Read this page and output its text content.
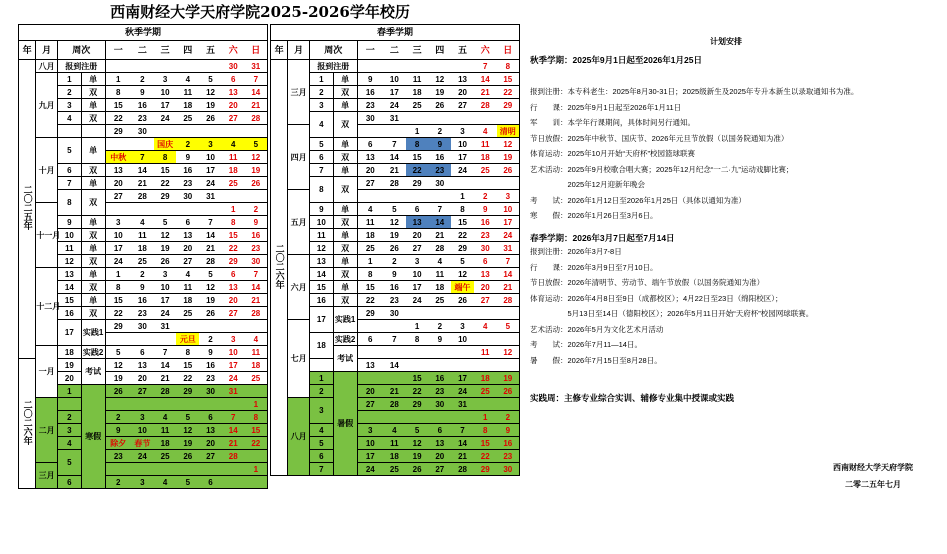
西南财经大学天府学院2025-2026学年校历
秋季学期										
年	月	周次		一	二	三	四	五	六	日
二〇二五年	八月	报到注册							30	31
	九月	1	单	1	2	3	4	5	6	7
		2	双	8	9	10	11	12	13	14
		3	单	15	16	17	18	19	20	21
		4	双	22	23	24	25	26	27	28
				29	30					
	十月	5	单			国庆	2	3	4	5
				中秋	7	8	9	10	11	12
		6	双	13	14	15	16	17	18	19
		7	单	20	21	22	23	24	25	26
		8	双	27	28	29	30	31		
	十一月								1	2
		9	单	3	4	5	6	7	8	9
		10	双	10	11	12	13	14	15	16
		11	单	17	18	19	20	21	22	23
		12	双	24	25	26	27	28	29	30
	十二月	13	单	1	2	3	4	5	6	7
		14	双	8	9	10	11	12	13	14
		15	单	15	16	17	18	19	20	21
		16	双	22	23	24	25	26	27	28
		17	实践1	29	30	31				
							元旦	2	3	4
	一月	18	实践2	5	6	7	8	9	10	11
二〇二六年		19	考试	12	13	14	15	16	17	18
		20		19	20	21	22	23	24	25
		1	寒假	26	27	28	29	30	31	
	二月									1
		2		2	3	4	5	6	7	8
		3		9	10	11	12	13	14	15
		4		除夕	春节	18	19	20	21	22
		5		23	24	25	26	27	28	
	三月									1
		6		2	3	4	5	6		
春季学期										
年	月	周次		一	二	三	四	五	六	日
二〇二六年	三月	报到注册							7	8
		1	单	9	10	11	12	13	14	15
		2	双	16	17	18	19	20	21	22
		3	单	23	24	25	26	27	28	29
		4	双	30	31					
	四月					1	2	3	4	清明
		5	单	6	7	8	9	10	11	12
		6	双	13	14	15	16	17	18	19
		7	单	20	21	22	23	24	25	26
		8	双	27	28	29	30			
	五月							1	2	3
		9	单	4	5	6	7	8	9	10
		10	双	11	12	13	14	15	16	17
		11	单	18	19	20	21	22	23	24
		12	双	25	26	27	28	29	30	31
	六月	13	单	1	2	3	4	5	6	7
		14	双	8	9	10	11	12	13	14
		15	单	15	16	17	18	端午	20	21
		16	双	22	23	24	25	26	27	28
		17	实践1	29	30					
	七月					1	2	3	4	5
		18	实践2	6	7	8	9	10		
			考试						11	12
				13	14					
		1	暑假			15	16	17	18	19
		2		20	21	22	23	24	25	26
	八月	3		27	28	29	30	31		
									1	2
		4		3	4	5	6	7	8	9
		5		10	11	12	13	14	15	16
		6		17	18	19	20	21	22	23
		7		24	25	26	27	28	29	30
计划安排
秋季学期：2025年9月1日起至2026年1月25日
报到注册：本专科老生：2025年8月30-31日；2025级新生及2025年专升本新生以录取通知书为准。
行　　课：2025年9月1日起至2026年1月11日
军　　训：本学年行课期间，具体时间另行通知。
节日放假：2025年中秋节、国庆节、2026年元旦节放假（以国务院通知为准）
体育运动：2025年10月开始“天府杯”校园篮球联赛
艺术活动：2025年9月校歌合唱大赛；2025年12月纪念“一二·九”运动戏脚比赛；
　　　　　2025年12月迎新年晚会
考　　试：2026年1月12日至2026年1月25日（具体以通知为准）
寒　　假：2026年1月26日至3月6日。
春季学期：2026年3月7日起至7月14日
报到注册：2026年3月7-8日
行　　课：2026年3月9日至7月10日。
节日放假：2026年清明节、劳动节、端午节放假（以国务院通知为准）
体育运动：2026年4月8日至9日（成都校区）；4月22日至23日（绵阳校区）；
　　　　　5月13日至14日（德阳校区）；2026年5月11日开始“天府杯”校园网球联赛。
艺术活动：2026年5月为文化艺术月活动
考　　试：2026年7月11—14日。
暑　　假：2026年7月15日至8月28日。
实践周：主修专业综合实训、辅修专业集中授课或实践
西南财经大学天府学院
二零二五年七月
